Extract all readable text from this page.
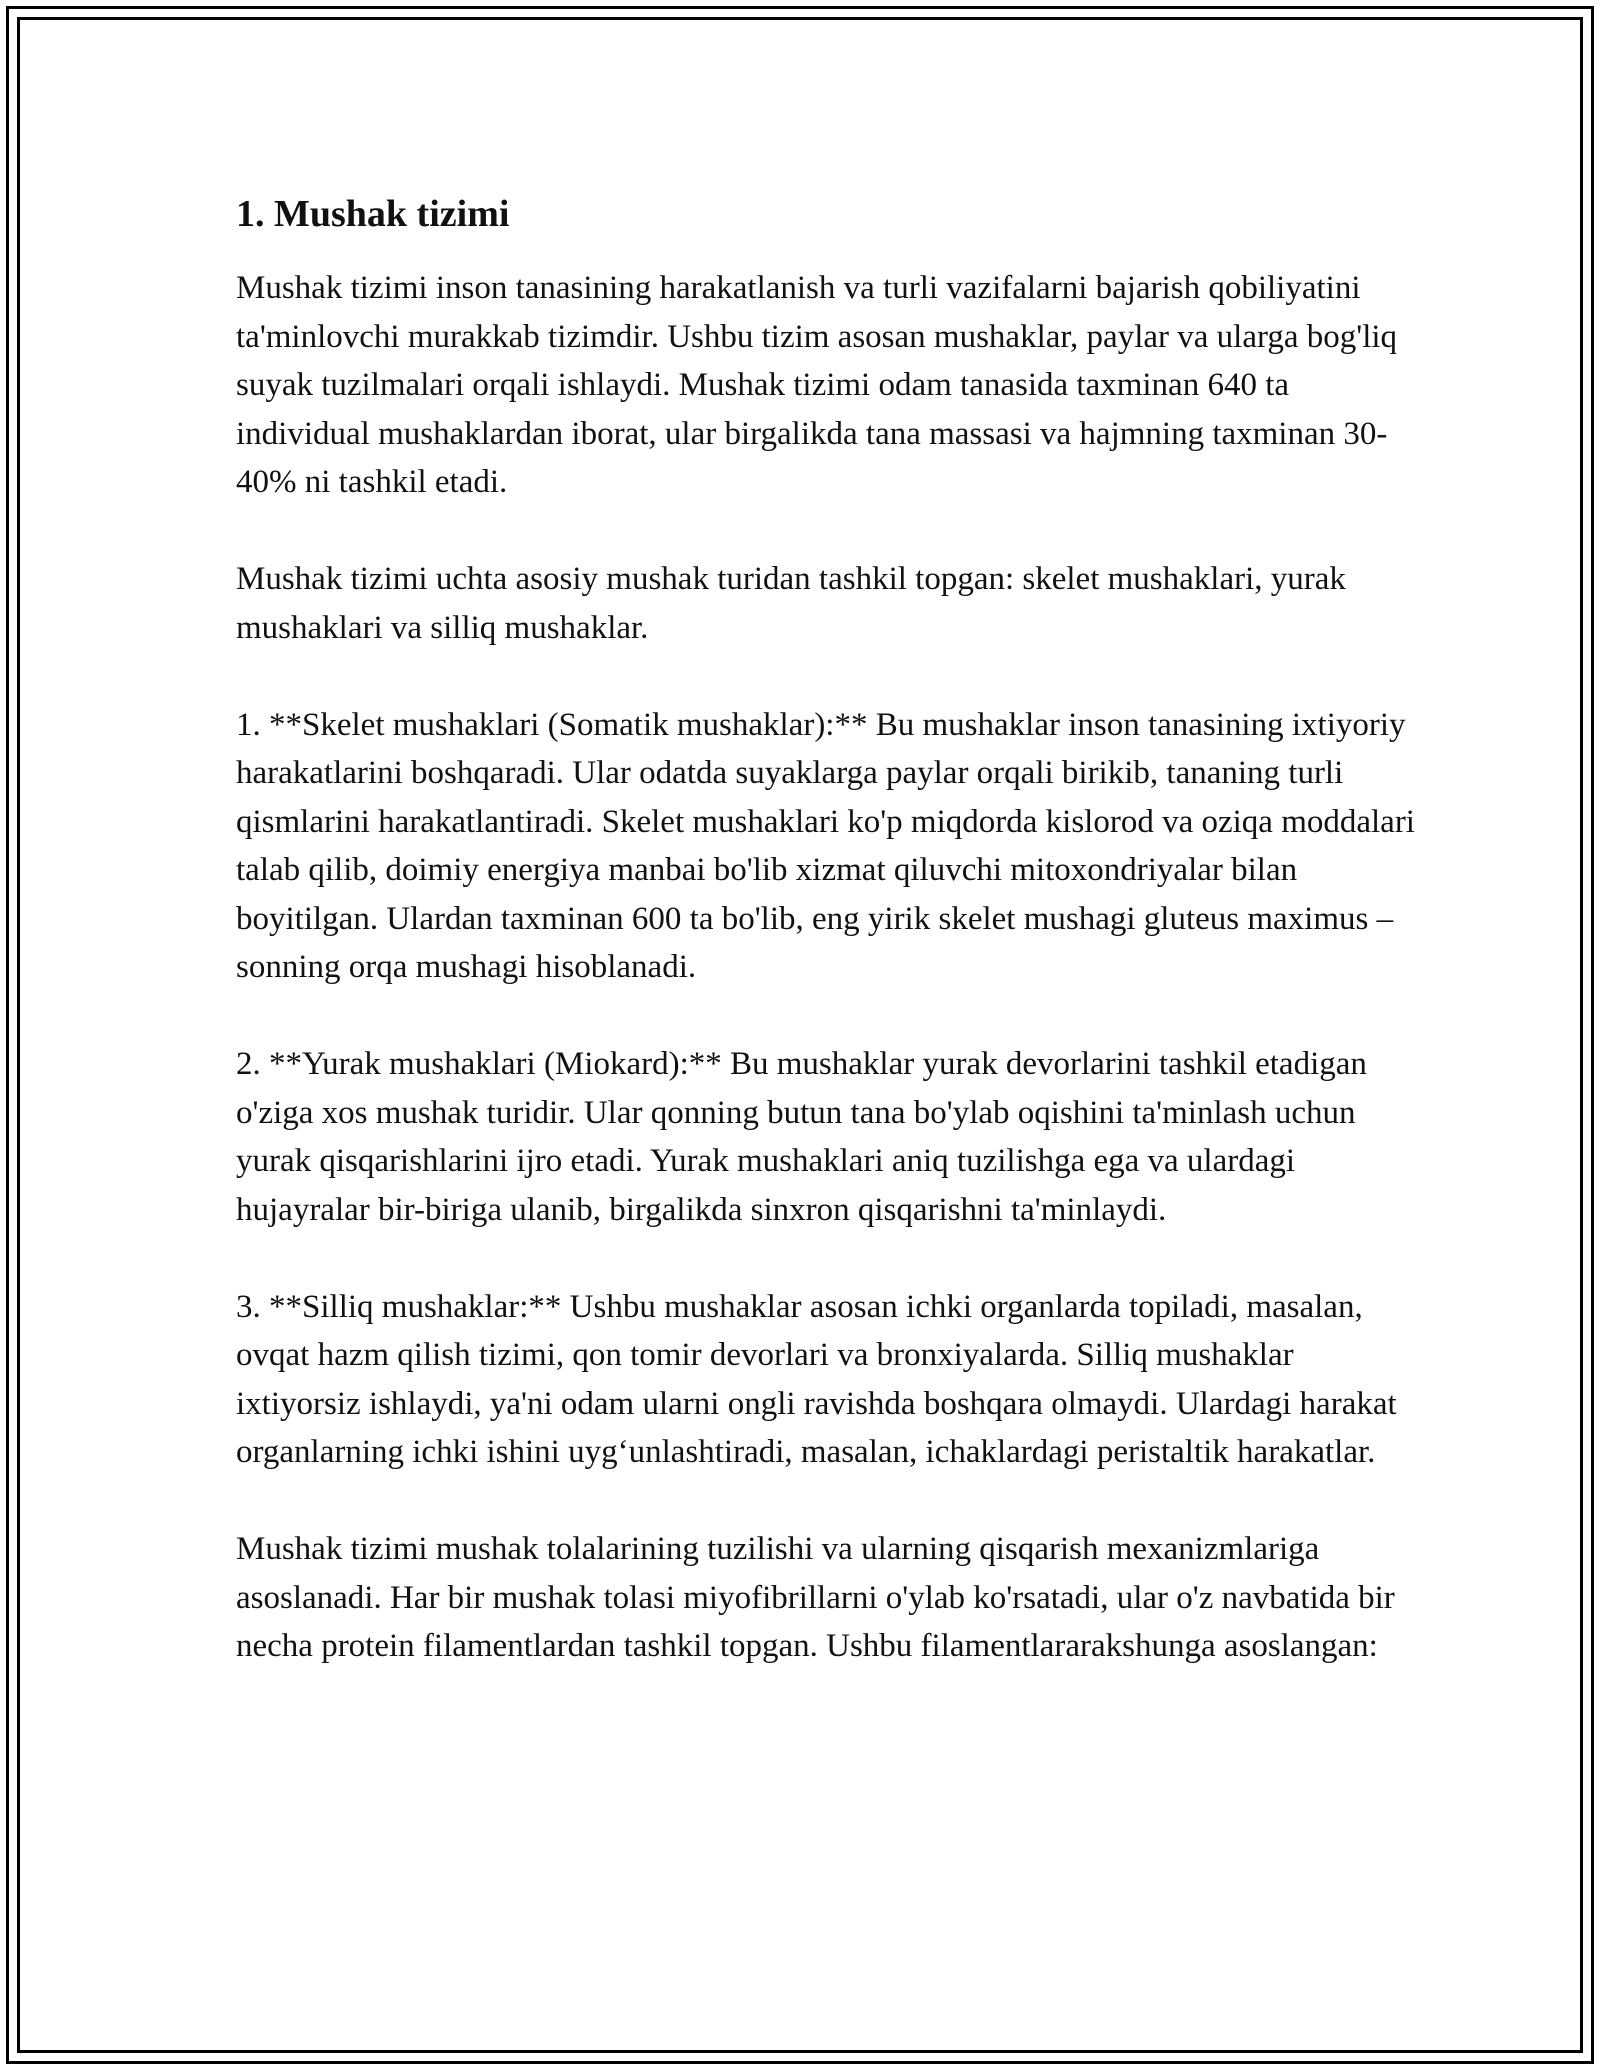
1. Mushak tizimi

Mushak tizimi inson tanasining harakatlanish va turli vazifalarni bajarish qobiliyatini ta'minlovchi murakkab tizimdir. Ushbu tizim asosan mushaklar, paylar va ularga bog'liq suyak tuzilmalari orqali ishlaydi. Mushak tizimi odam tanasida taxminan 640 ta individual mushaklardan iborat, ular birgalikda tana massasi va hajmning taxminan 30-40% ni tashkil etadi.

Mushak tizimi uchta asosiy mushak turidan tashkil topgan: skelet mushaklari, yurak mushaklari va silliq mushaklar.

1. **Skelet mushaklari (Somatik mushaklar):** Bu mushaklar inson tanasining ixtiyoriy harakatlarini boshqaradi. Ular odatda suyaklarga paylar orqali birikib, tananing turli qismlarini harakatlantiradi. Skelet mushaklari ko'p miqdorda kislorod va oziqa moddalari talab qilib, doimiy energiya manbai bo'lib xizmat qiluvchi mitoxondriyalar bilan boyitilgan. Ulardan taxminan 600 ta bo'lib, eng yirik skelet mushagi gluteus maximus – sonning orqa mushagi hisoblanadi.

2. **Yurak mushaklari (Miokard):** Bu mushaklar yurak devorlarini tashkil etadigan o'ziga xos mushak turidir. Ular qonning butun tana bo'ylab oqishini ta'minlash uchun yurak qisqarishlarini ijro etadi. Yurak mushaklari aniq tuzilishga ega va ulardagi hujayralar bir-biriga ulanib, birgalikda sinxron qisqarishni ta'minlaydi.

3. **Silliq mushaklar:** Ushbu mushaklar asosan ichki organlarda topiladi, masalan, ovqat hazm qilish tizimi, qon tomir devorlari va bronxiyalarda. Silliq mushaklar ixtiyorsiz ishlaydi, ya'ni odam ularni ongli ravishda boshqara olmaydi. Ulardagi harakat organlarning ichki ishini uygʻunlashtiradi, masalan, ichaklardagi peristaltik harakatlar.

Mushak tizimi mushak tolalarining tuzilishi va ularning qisqarish mexanizmlariga asoslanadi. Har bir mushak tolasi miyofibrillarni o'ylab ko'rsatadi, ular o'z navbatida bir necha protein filamentlardan tashkil topgan. Ushbu filamentlararakshunga asoslangan:
